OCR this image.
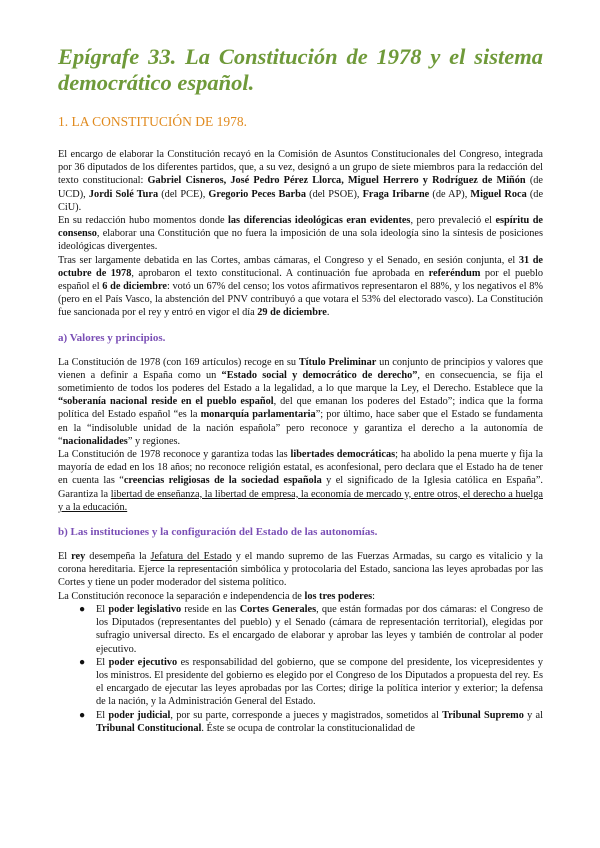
Epígrafe 33. La Constitución de 1978 y el sistema democrático español.
1. LA CONSTITUCIÓN DE 1978.

El encargo de elaborar la Constitución recayó en la Comisión de Asuntos Constitucionales del Congreso, integrada por 36 diputados de los diferentes partidos, que, a su vez, designó a un grupo de siete miembros para la redacción del texto constitucional: Gabriel Cisneros, José Pedro Pérez Llorca, Miguel Herrero y Rodríguez de Miñón (de UCD), Jordi Solé Tura (del PCE), Gregorio Peces Barba (del PSOE), Fraga Iribarne (de AP), Miguel Roca (de CiU).

En su redacción hubo momentos donde las diferencias ideológicas eran evidentes, pero prevaleció el espíritu de consenso, elaborar una Constitución que no fuera la imposición de una sola ideología sino la síntesis de posiciones ideológicas divergentes.

Tras ser largamente debatida en las Cortes, ambas cámaras, el Congreso y el Senado, en sesión conjunta, el 31 de octubre de 1978, aprobaron el texto constitucional. A continuación fue aprobada en referéndum por el pueblo español el 6 de diciembre: votó un 67% del censo; los votos afirmativos representaron el 88%, y los negativos el 8% (pero en el País Vasco, la abstención del PNV contribuyó a que votara el 53% del electorado vasco). La Constitución fue sancionada por el rey y entró en vigor el día 29 de diciembre.

a) Valores y principios.

La Constitución de 1978 (con 169 artículos) recoge en su Título Preliminar un conjunto de principios y valores que vienen a definir a España como un “Estado social y democrático de derecho”, en consecuencia, se fija el sometimiento de todos los poderes del Estado a la legalidad, a lo que marque la Ley, el Derecho. Establece que la “soberanía nacional reside en el pueblo español, del que emanan los poderes del Estado”; indica que la forma política del Estado español “es la monarquía parlamentaria”; por último, hace saber que el Estado se fundamenta en la “indisoluble unidad de la nación española” pero reconoce y garantiza el derecho a la autonomía de “nacionalidades” y regiones.

La Constitución de 1978 reconoce y garantiza todas las libertades democráticas; ha abolido la pena muerte y fija la mayoría de edad en los 18 años; no reconoce religión estatal, es aconfesional, pero declara que el Estado ha de tener en cuenta las “creencias religiosas de la sociedad española y el significado de la Iglesia católica en España”. Garantiza la libertad de enseñanza, la libertad de empresa, la economía de mercado y, entre otros, el derecho a huelga y a la educación.

b) Las instituciones y la configuración del Estado de las autonomías.

El rey desempeña la Jefatura del Estado y el mando supremo de las Fuerzas Armadas, su cargo es vitalicio y la corona hereditaria. Ejerce la representación simbólica y protocolaria del Estado, sanciona las leyes aprobadas por las Cortes y tiene un poder moderador del sistema político.

La Constitución reconoce la separación e independencia de los tres poderes:

● El poder legislativo reside en las Cortes Generales, que están formadas por dos cámaras: el Congreso de los Diputados (representantes del pueblo) y el Senado (cámara de representación territorial), elegidas por sufragio universal directo. Es el encargado de elaborar y aprobar las leyes y también de controlar al poder ejecutivo.
● El poder ejecutivo es responsabilidad del gobierno, que se compone del presidente, los vicepresidentes y los ministros. El presidente del gobierno es elegido por el Congreso de los Diputados a propuesta del rey. Es el encargado de ejecutar las leyes aprobadas por las Cortes; dirige la política interior y exterior; la defensa de la nación, y la Administración General del Estado.
● El poder judicial, por su parte, corresponde a jueces y magistrados, sometidos al Tribunal Supremo y al Tribunal Constitucional. Éste se ocupa de controlar la constitucionalidad de
